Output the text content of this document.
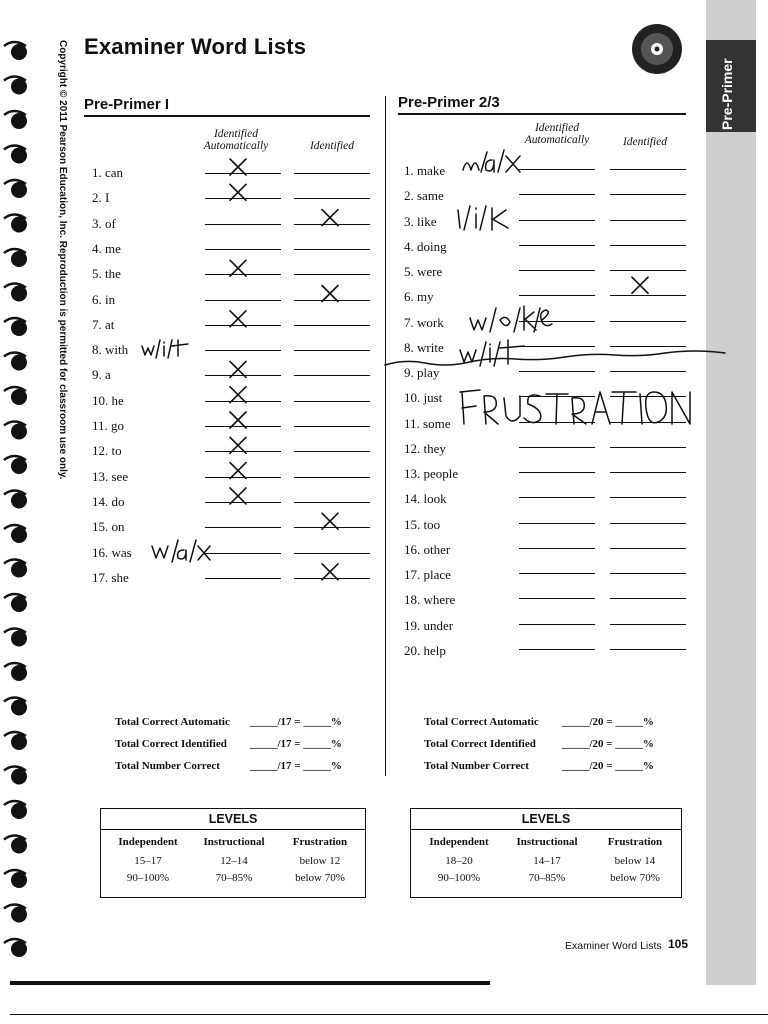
Pre-Primer
Examiner Word Lists
Copyright © 2011 Pearson Education, Inc. Reproduction is permitted for classroom use only. Pre-Primer I	Pre-Primer 2/3
Identified Automatically	Identified
Identified Automatically	Identified
1. can
2. I
3. of
4. me
5. the
6. in
7. at
8. with
9. a
10. he
11. go
12. to
13. see
14. do
15. on
16. was
17. she
1. make
2. same
3. like
4. doing
5. were
6. my
7. work
8. write
9. play
10. just
11. some
12. they
13. people
14. look
15. too
16. other
17. place
18. where
19. under
20. help
Total Correct Automatic _____/17 = _____%
Total Correct Identified _____/17 = _____%
Total Number Correct	_____/17 = _____%
Total Correct Automatic _____/20 = _____%
Total Correct Identified _____/20 = _____%
Total Number Correct	_____/20 = _____%
LEVELS
Independent	Instructional	Frustration
15–17	12–14	below 12
90–100%	70–85%	below 70%
LEVELS
Independent	Instructional	Frustration
18–20	14–17	below 14
90–100%	70–85%	below 70%
Examiner Word Lists 105
